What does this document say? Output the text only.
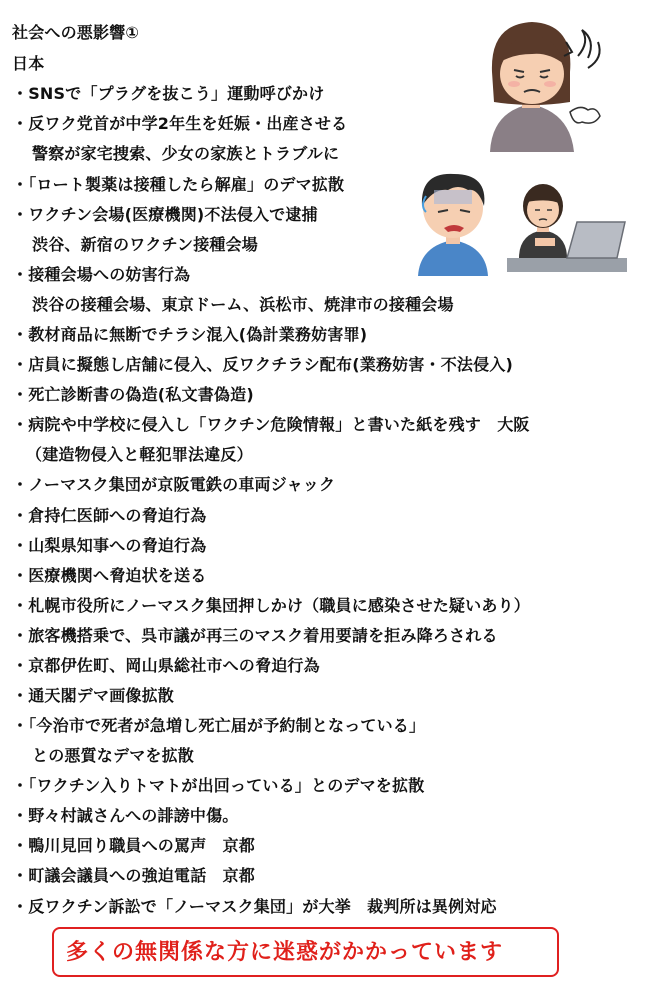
社会への悪影響①
日本
・SNSで「プラグを抜こう」運動呼びかけ
・反ワク党首が中学2年生を妊娠・出産させる
警察が家宅捜索、少女の家族とトラブルに
・「ロート製薬は接種したら解雇」のデマ拡散
・ワクチン会場(医療機関)不法侵入で逮捕
渋谷、新宿のワクチン接種会場
・接種会場への妨害行為
渋谷の接種会場、東京ドーム、浜松市、焼津市の接種会場
・教材商品に無断でチラシ混入(偽計業務妨害罪)
・店員に擬態し店舗に侵入、反ワクチラシ配布(業務妨害・不法侵入)
・死亡診断書の偽造(私文書偽造)
・病院や中学校に侵入し「ワクチン危険情報」と書いた紙を残す　大阪
（建造物侵入と軽犯罪法違反）
・ノーマスク集団が京阪電鉄の車両ジャック
・倉持仁医師への脅迫行為
・山梨県知事への脅迫行為
・医療機関へ脅迫状を送る
・札幌市役所にノーマスク集団押しかけ（職員に感染させた疑いあり）
・旅客機搭乗で、呉市議が再三のマスク着用要請を拒み降ろされる
・京都伊佐町、岡山県総社市への脅迫行為
・通天閣デマ画像拡散
・「今治市で死者が急増し死亡届が予約制となっている」
との悪質なデマを拡散
・「ワクチン入りトマトが出回っている」とのデマを拡散
・野々村誠さんへの誹謗中傷。
・鴨川見回り職員への罵声　京都
・町議会議員への強迫電話　京都
・反ワクチン訴訟で「ノーマスク集団」が大挙　裁判所は異例対応
多くの無関係な方に迷惑がかかっています
